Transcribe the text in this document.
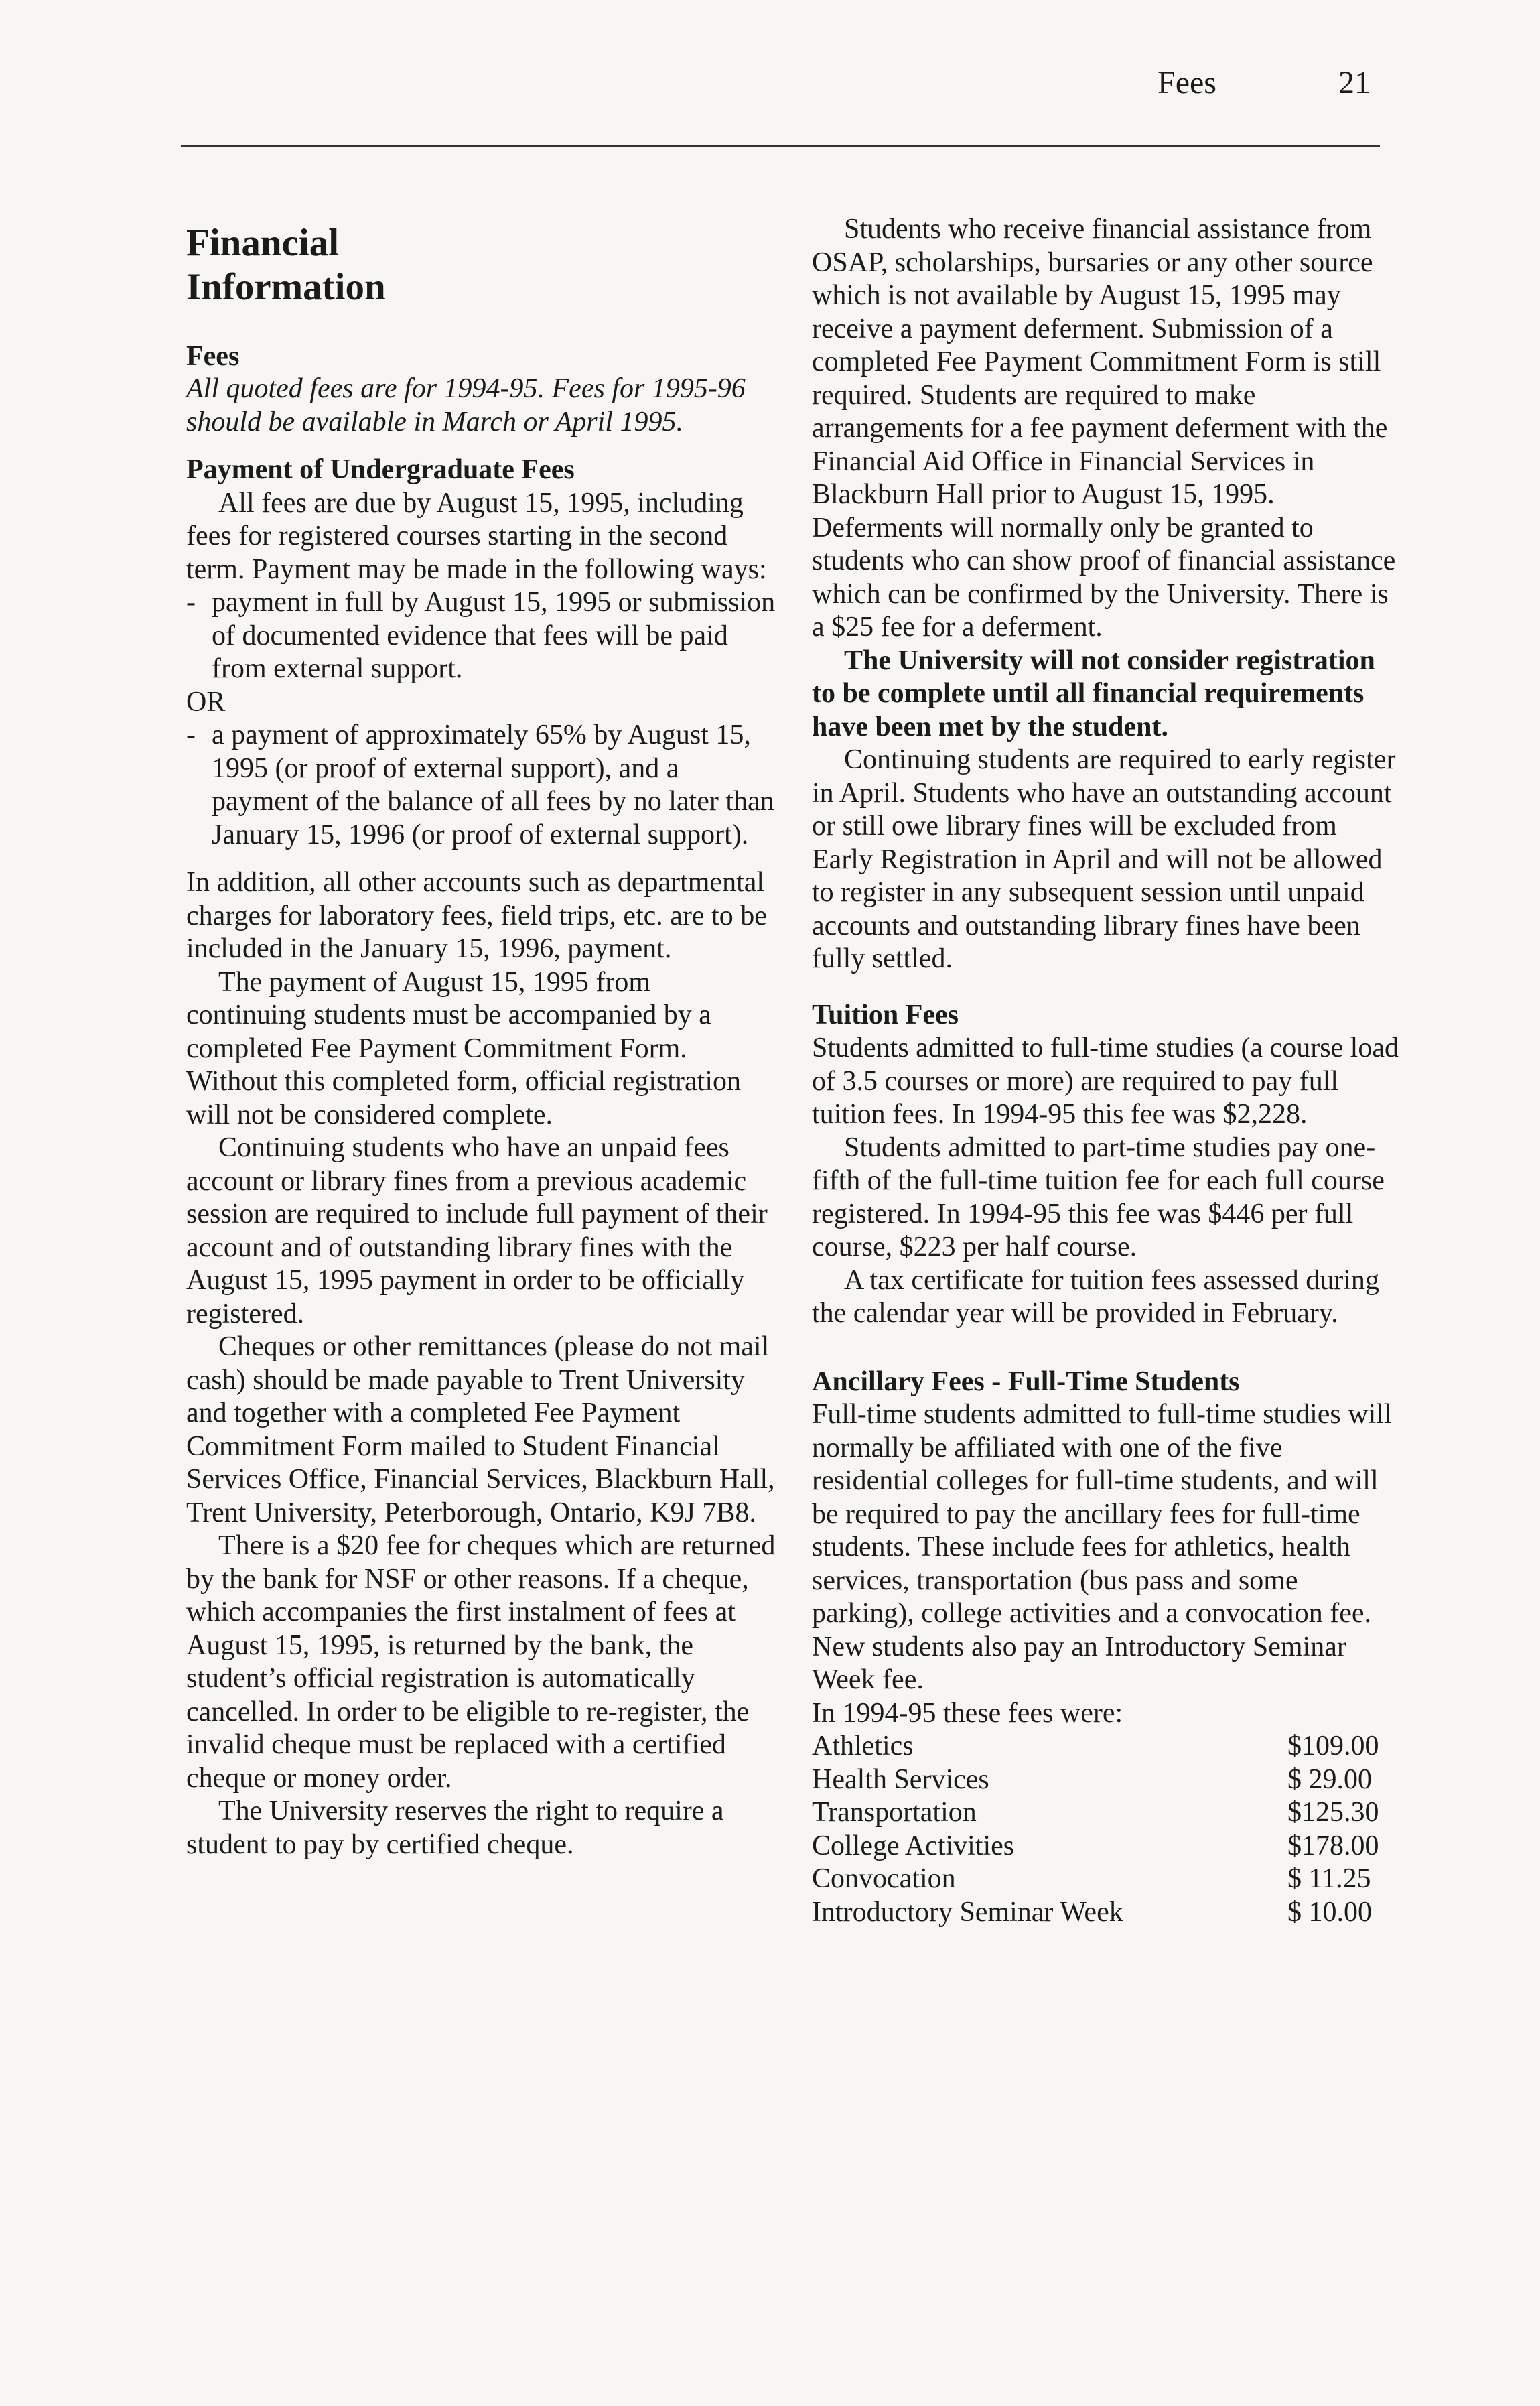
Fees	21
Financial
Information
Fees

All quoted fees are for 1994-95. Fees for 1995-96 should be available in March or April 1995.

Payment of Undergraduate Fees

All fees are due by August 15, 1995, including fees for registered courses starting in the second term. Payment may be made in the following ways:

- payment in full by August 15, 1995 or submission of documented evidence that fees will be paid from external support.

OR

- a payment of approximately 65% by August 15, 1995 (or proof of external support), and a payment of the balance of all fees by no later than January 15, 1996 (or proof of external support).

In addition, all other accounts such as departmental charges for laboratory fees, field trips, etc. are to be included in the January 15, 1996, payment.

The payment of August 15, 1995 from continuing students must be accompanied by a completed Fee Payment Commitment Form. Without this completed form, official registration will not be considered complete.

Continuing students who have an unpaid fees account or library fines from a previous academic session are required to include full payment of their account and of outstanding library fines with the August 15, 1995 payment in order to be officially registered.

Cheques or other remittances (please do not mail cash) should be made payable to Trent University and together with a completed Fee Payment Commitment Form mailed to Student Financial Services Office, Financial Services, Blackburn Hall, Trent University, Peterborough, Ontario, K9J 7B8.

There is a $20 fee for cheques which are returned by the bank for NSF or other reasons. If a cheque, which accompanies the first instalment of fees at August 15, 1995, is returned by the bank, the student’s official registration is automatically cancelled. In order to be eligible to re-register, the invalid cheque must be replaced with a certified cheque or money order.

The University reserves the right to require a student to pay by certified cheque.

Students who receive financial assistance from OSAP, scholarships, bursaries or any other source which is not available by August 15, 1995 may receive a payment deferment. Submission of a completed Fee Payment Commitment Form is still required. Students are required to make arrangements for a fee payment deferment with the Financial Aid Office in Financial Services in Blackburn Hall prior to August 15, 1995. Deferments will normally only be granted to students who can show proof of financial assistance which can be confirmed by the University. There is a $25 fee for a deferment.

The University will not consider registration to be complete until all financial requirements have been met by the student.

Continuing students are required to early register in April. Students who have an outstanding account or still owe library fines will be excluded from Early Registration in April and will not be allowed to register in any subsequent session until unpaid accounts and outstanding library fines have been fully settled.

Tuition Fees

Students admitted to full-time studies (a course load of 3.5 courses or more) are required to pay full tuition fees. In 1994-95 this fee was $2,228.

Students admitted to part-time studies pay one-fifth of the full-time tuition fee for each full course registered. In 1994-95 this fee was $446 per full course, $223 per half course.

A tax certificate for tuition fees assessed during the calendar year will be provided in February.

Ancillary Fees - Full-Time Students

Full-time students admitted to full-time studies will normally be affiliated with one of the five residential colleges for full-time students, and will be required to pay the ancillary fees for full-time students. These include fees for athletics, health services, transportation (bus pass and some parking), college activities and a convocation fee. New students also pay an Introductory Seminar Week fee.

In 1994-95 these fees were:

Athletics	$109.00
Health Services	$ 29.00
Transportation	$125.30
College Activities	$178.00
Convocation	$ 11.25
Introductory Seminar Week	$ 10.00
